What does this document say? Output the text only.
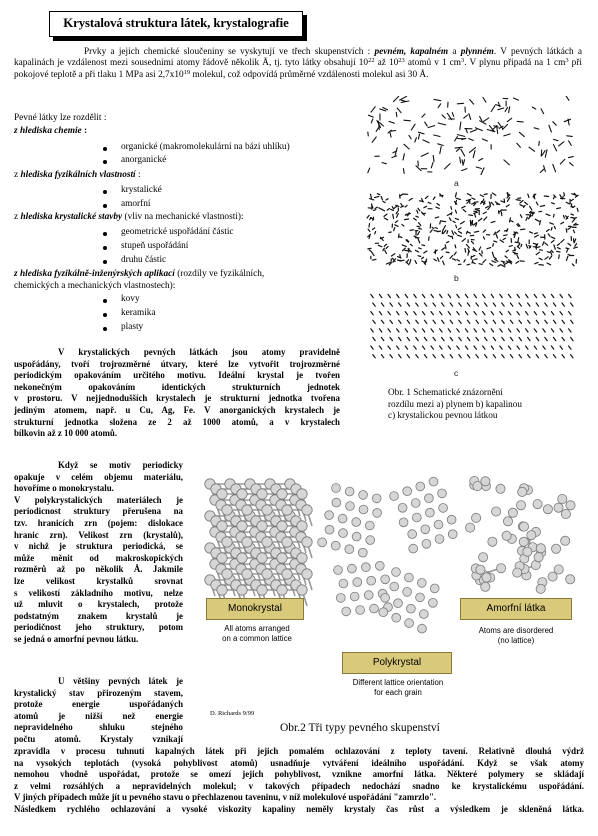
Krystalová struktura látek, krystalografie
Prvky a jejich chemické sloučeniny se vyskytují ve třech skupenstvích : pevném, kapalném a plynném. V pevných látkách a kapalinách je vzdálenost mezi sousedními atomy řádově několik Å, tj. tyto látky obsahují $10^{22}$ až $10^{23}$ atomů v 1 $cm^3$. V plynu připadá na 1 $cm^3$ při pokojové teplotě a při tlaku 1 MPa asi $2,7x10^{19}$ molekul, což odpovídá průměrné vzdálenosti molekul asi 30 Å.
Pevné látky lze rozdělit :
z hlediska chemie :
organické (makromolekulární na bázi uhlíku)
anorganické
z hlediska fyzikálních vlastností :
krystalické
amorfní
z hlediska krystalické stavby (vliv na mechanické vlastnosti):
geometrické uspořádání částic
stupeň uspořádání
druhu částic
z hlediska fyzikálně-inženýrských aplikací (rozdíly ve fyzikálních,
chemických a mechanických vlastnostech):
kovy
keramika
plasty
V krystalických pevných látkách jsou atomy pravidelně
uspořádány, tvoří trojrozměrné útvary, které lze vytvořit trojrozměrné
periodickým opakováním určitého motivu. Ideální krystal je tvořen
nekonečným opakováním identických strukturních jednotek
v prostoru. V nejjednodušších krystalech je strukturní jednotka tvořena
jediným atomem, např. u Cu, Ag, Fe. V anorganických krystalech je
strukturní jednotka složena ze 2 až 1000 atomů, a v krystalech
bílkovin až z 10 000 atomů.
a
b
c
Obr. 1 Schematické znázornění
rozdílu mezi a) plynem b) kapalinou
c) krystalickou pevnou látkou
Když se motiv periodicky
opakuje v celém objemu materiálu,
hovoříme o monokrystalu.
V polykrystalických materiálech je
periodicnost struktury přerušena na
tzv. hranicích zrn (pojem: dislokace
hranic zrn). Velikost zrn (krystalů),
v nichž je struktura periodická, se
může měnit od makroskopických
rozměrů až po několik Å. Jakmile
lze velikost krystalků srovnat
s velikostí základního motivu, nelze
už mluvit o krystalech, protože
podstatným znakem krystalů je
periodičnost jeho struktury, potom
se jedná o amorfní pevnou látku.
U většiny pevných látek je
krystalický stav přirozeným stavem,
protože energie uspořádaných
atomů je nižší než energie
nepravidelného shluku stejného
počtu atomů. Krystaly vznikají
zpravidla v procesu tuhnutí kapalných látek při jejich pomalém ochlazování z teploty tavení. Relativně dlouhá výdrž
na vysokých teplotách (vysoká pohyblivost atomů) usnadňuje vytváření ideálního uspořádání. Když se však atomy
nemohou vhodně uspořádat, protože se omezí jejich pohyblivost, vznikne amorfní látka. Některé polymery se skládají
z velmi rozsáhlých a nepravidelných molekul; v takových případech nedochází snadno ke krystalickému uspořádání.
V jiných případech může jít u pevného stavu o přechlazenou taveninu, v níž molekulové uspořádání "zamrzlo".
Následkem rychlého ochlazování a vysoké viskozity kapaliny neměly krystaly čas růst a výsledkem je skleněná látka.
Monokrystal
All atoms arranged
on a common lattice
Amorfní látka
Atoms are disordered
(no lattice)
Polykrystal
Different lattice orientation
for each grain
D. Richards 9/99
Obr.2 Tři typy pevného skupenství
